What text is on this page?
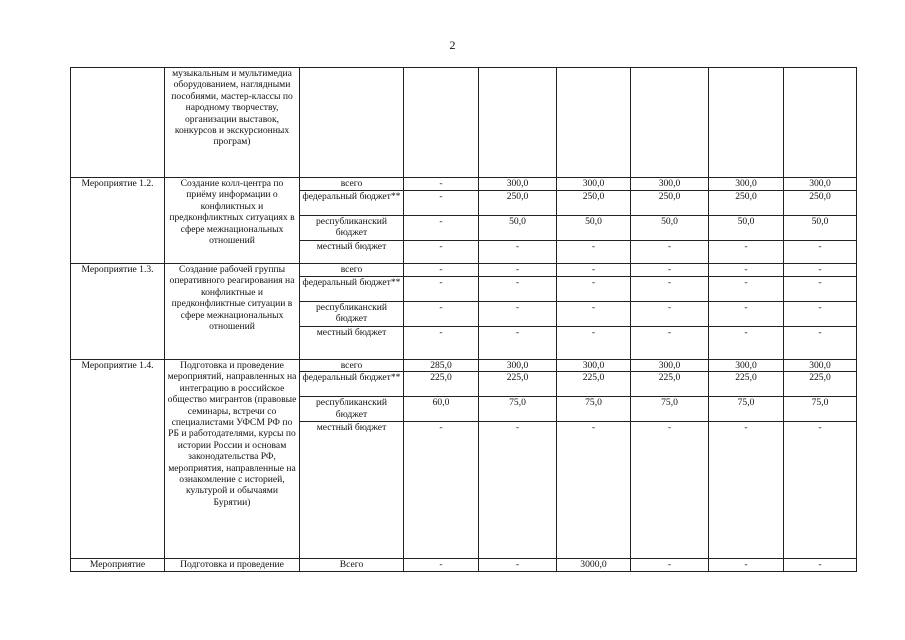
2
	музыкальным и мультимедиа оборудованием, наглядными пособиями, мастер-классы по народному творчеству, организации выставок, конкурсов и экскурсионных програм)							
Мероприятие 1.2.	Создание колл-центра по приёму информации о конфликтных и предконфликтных ситуациях в сфере межнациональных отношений	всего	-	300,0	300,0	300,0	300,0	300,0
		федеральный бюджет**	-	250,0	250,0	250,0	250,0	250,0
		республиканский бюджет	-	50,0	50,0	50,0	50,0	50,0
		местный бюджет	-	-	-	-	-	-
Мероприятие 1.3.	Создание рабочей группы оперативного реагирования на конфликтные и предконфликтные ситуации в сфере межнациональных отношений	всего	-	-	-	-	-	-
		федеральный бюджет**	-	-	-	-	-	-
		республиканский бюджет	-	-	-	-	-	-
		местный бюджет	-	-	-	-	-	-
Мероприятие 1.4.	Подготовка и проведение мероприятий, направленных на интеграцию в российское общество мигрантов (правовые семинары, встречи со специалистами УФСМ РФ по РБ и работодателями, курсы по истории России и основам законодательства РФ, мероприятия, направленные на ознакомление с историей, культурой и обычаями Бурятии)	всего	285,0	300,0	300,0	300,0	300,0	300,0
		федеральный бюджет**	225,0	225,0	225,0	225,0	225,0	225,0
		республиканский бюджет	60,0	75,0	75,0	75,0	75,0	75,0
		местный бюджет	-	-	-	-	-	-
Мероприятие	Подготовка и проведение	Всего	-	-	3000,0	-	-	-
